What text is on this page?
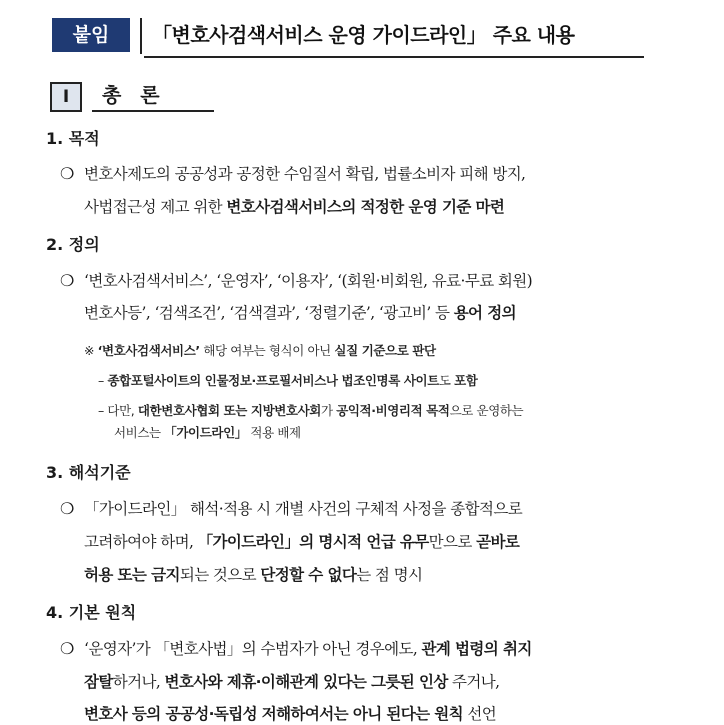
붙임	「변호사검색서비스 운영 가이드라인」 주요 내용
I	총 론
1. 목적
❍ 변호사제도의 공공성과 공정한 수임질서 확립, 법률소비자 피해 방지,
사법접근성 제고 위한 변호사검색서비스의 적정한 운영 기준 마련
2. 정의
❍ ‘변호사검색서비스’, ‘운영자’, ‘이용자’, ‘(회원·비회원, 유료·무료 회원)
변호사등’, ‘검색조건’, ‘검색결과’, ‘정렬기준’, ‘광고비’ 등 용어 정의
※ ‘변호사검색서비스’ 해당 여부는 형식이 아닌 실질 기준으로 판단
– 종합포털사이트의 인물정보·프로필서비스나 법조인명록 사이트도 포함
– 다만, 대한변호사협회 또는 지방변호사회가 공익적·비영리적 목적으로 운영하는
서비스는 「가이드라인」 적용 배제
3. 해석기준
❍ 「가이드라인」 해석·적용 시 개별 사건의 구체적 사정을 종합적으로
고려하여야 하며, 「가이드라인」의 명시적 언급 유무만으로 곧바로
허용 또는 금지되는 것으로 단정할 수 없다는 점 명시
4. 기본 원칙
❍ ‘운영자’가 「변호사법」의 수범자가 아닌 경우에도, 관계 법령의 취지
잠탈하거나, 변호사와 제휴·이해관계 있다는 그릇된 인상 주거나,
변호사 등의 공공성·독립성 저해하여서는 아니 된다는 원칙 선언
